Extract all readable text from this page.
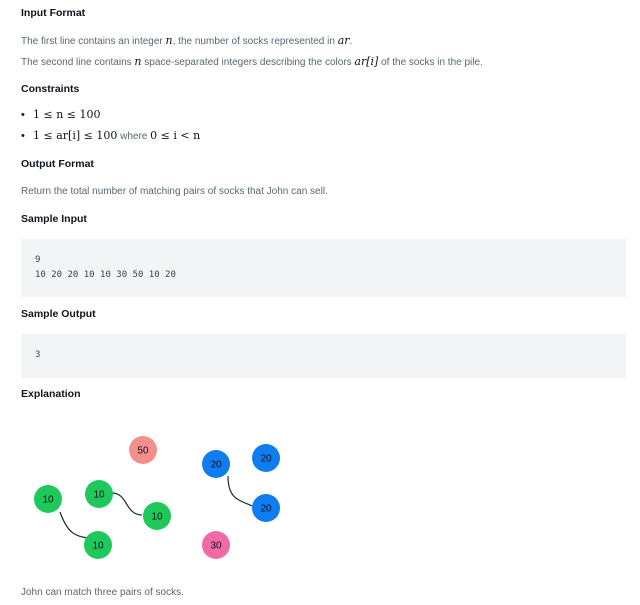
Input Format
The first line contains an integer n, the number of socks represented in ar.
The second line contains n space-separated integers describing the colors ar[i] of the socks in the pile.
Constraints
• 1 ≤ n ≤ 100
• 1 ≤ ar[i] ≤ 100 where 0 ≤ i < n
Output Format
Return the total number of matching pairs of socks that John can sell.
Sample Input
9
10 20 20 10 10 30 50 10 20
Sample Output
3
Explanation
50
20
20
10
10
20
10
10	30
John can match three pairs of socks.
